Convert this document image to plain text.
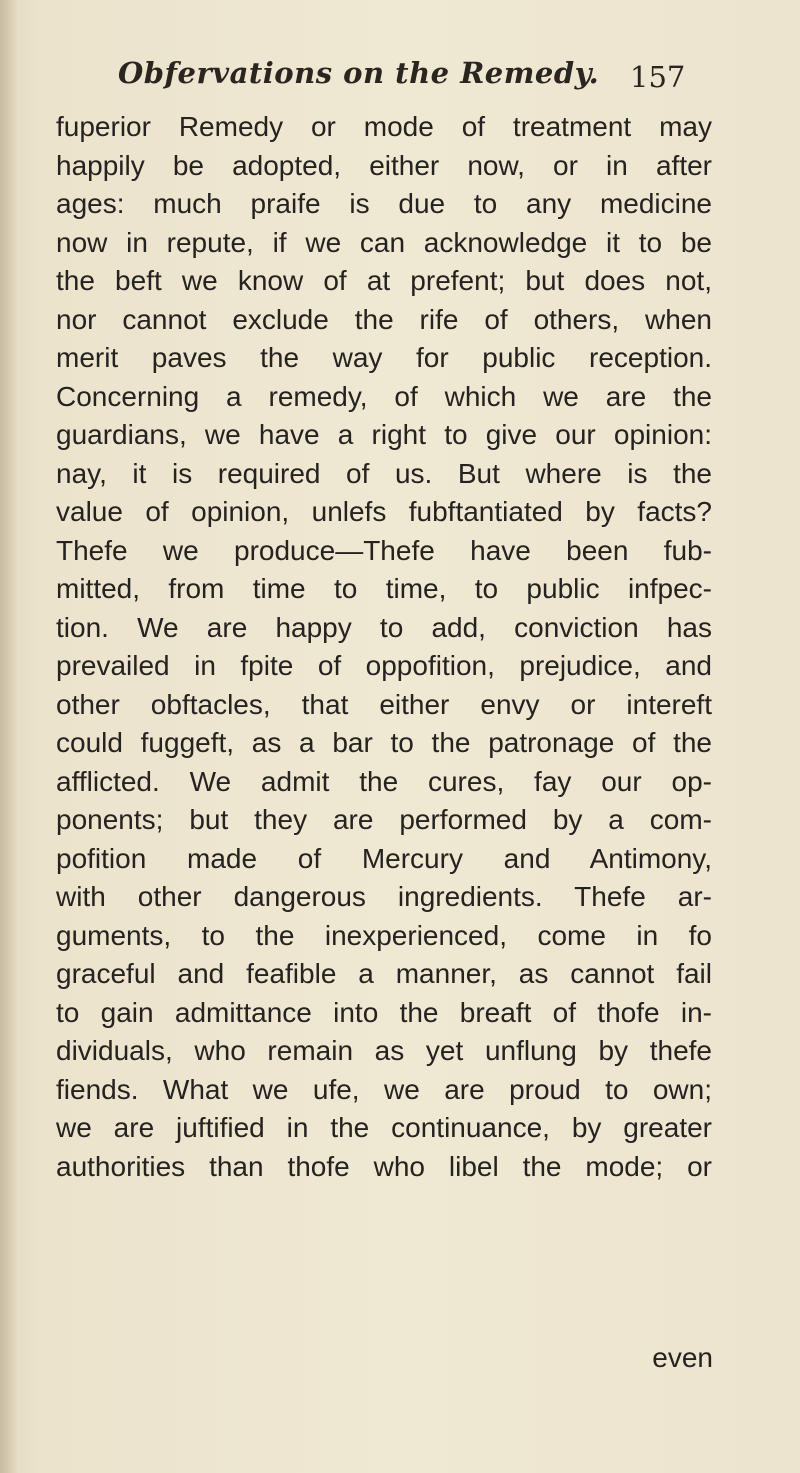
Obfervations on the Remedy. 157
fuperior Remedy or mode of treatment may
happily be adopted, either now, or in after
ages: much praife is due to any medicine
now in repute, if we can acknowledge it to be
the beft we know of at prefent; but does not,
nor cannot exclude the rife of others, when
merit paves the way for public reception.
Concerning a remedy, of which we are the
guardians, we have a right to give our opinion:
nay, it is required of us. But where is the
value of opinion, unlefs fubftantiated by facts?
Thefe we produce—Thefe have been fub-
mitted, from time to time, to public infpec-
tion. We are happy to add, conviction has
prevailed in fpite of oppofition, prejudice, and
other obftacles, that either envy or intereft
could fuggeft, as a bar to the patronage of the
afflicted. We admit the cures, fay our op-
ponents; but they are performed by a com-
pofition made of Mercury and Antimony,
with other dangerous ingredients. Thefe ar-
guments, to the inexperienced, come in fo
graceful and feafible a manner, as cannot fail
to gain admittance into the breaft of thofe in-
dividuals, who remain as yet unflung by thefe
fiends. What we ufe, we are proud to own;
we are juftified in the continuance, by greater
authorities than thofe who libel the mode; or
even
